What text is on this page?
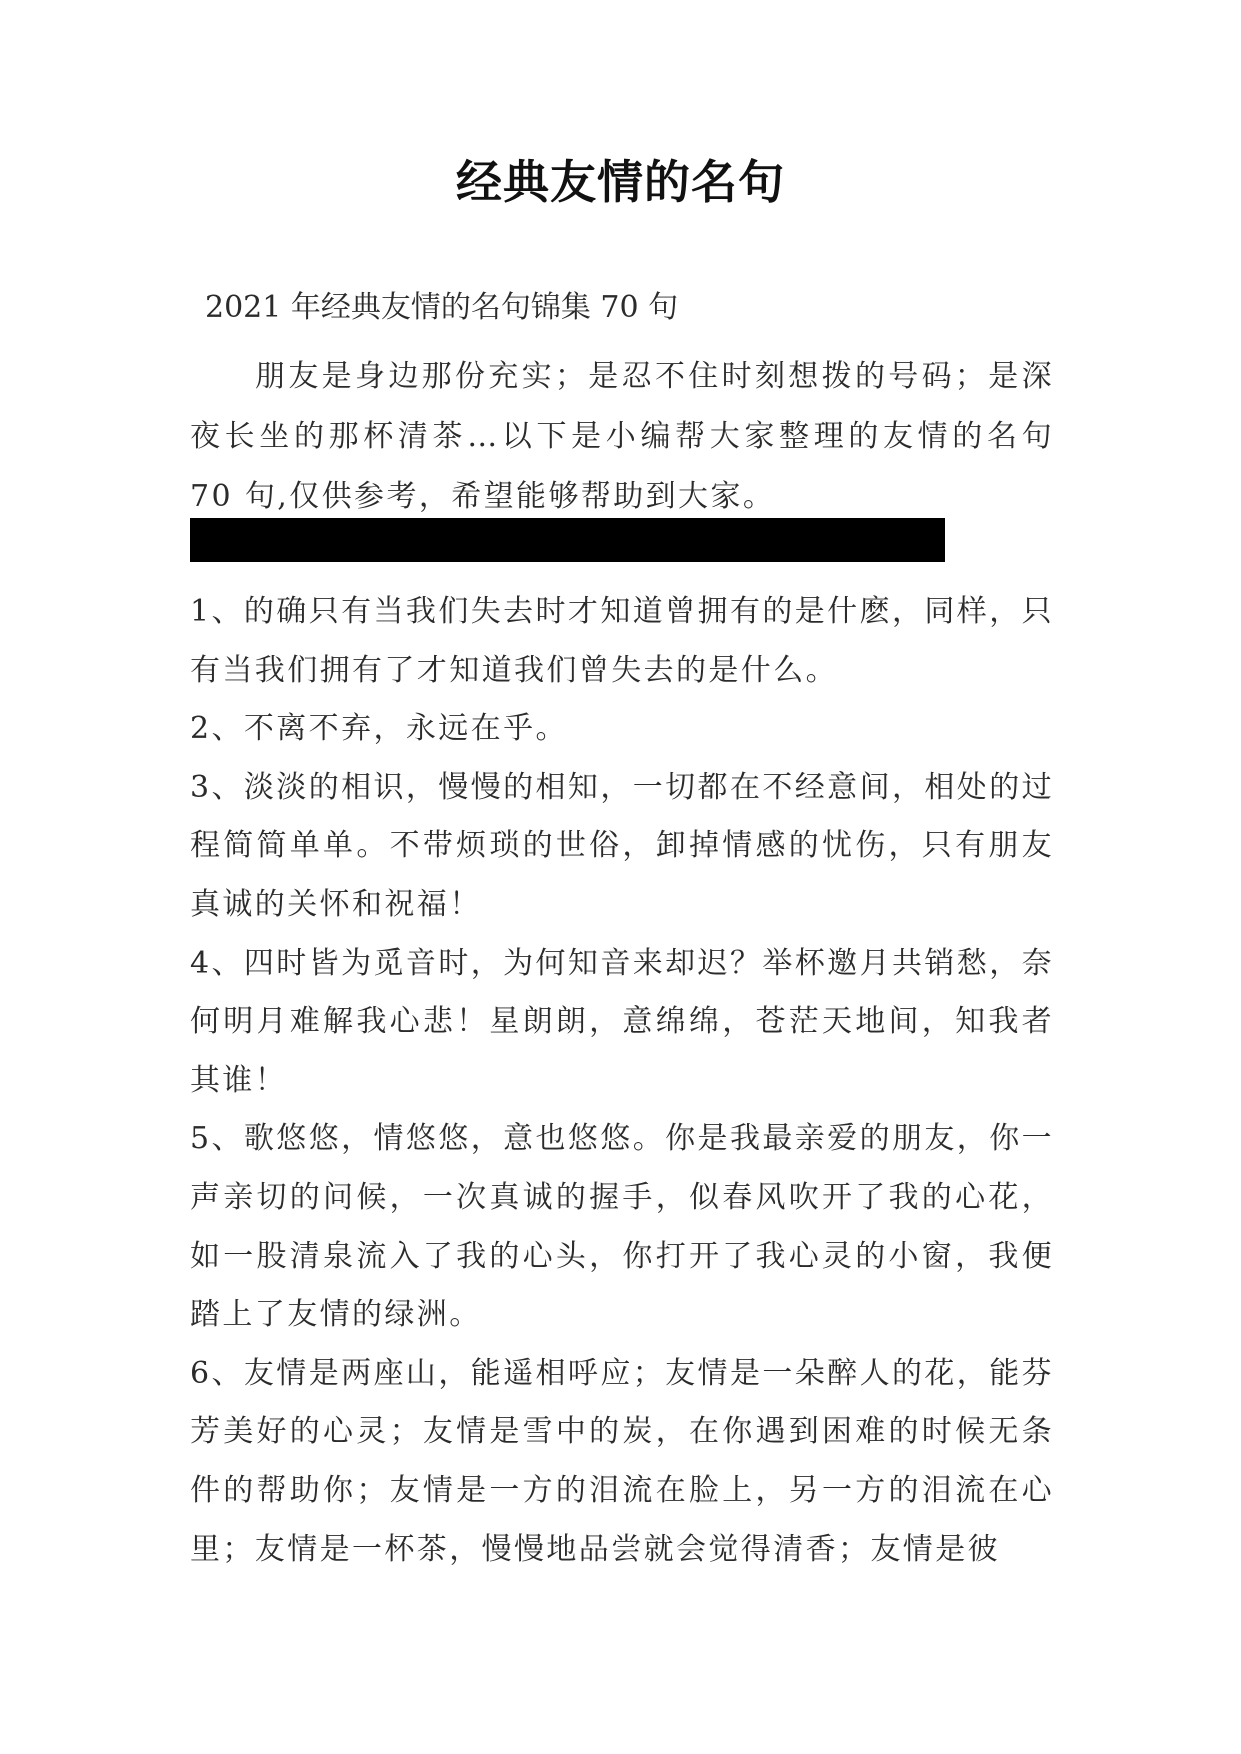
经典友情的名句
2021 年经典友情的名句锦集 70 句
朋友是身边那份充实；是忍不住时刻想拨的号码；是深夜长坐的那杯清茶…以下是小编帮大家整理的友情的名句 70 句,仅供参考，希望能够帮助到大家。

1、的确只有当我们失去时才知道曾拥有的是什麽，同样，只有当我们拥有了才知道我们曾失去的是什么。

2、不离不弃，永远在乎。

3、淡淡的相识，慢慢的相知，一切都在不经意间，相处的过程简简单单。不带烦琐的世俗，卸掉情感的忧伤，只有朋友真诚的关怀和祝福！

4、四时皆为觅音时，为何知音来却迟？举杯邀月共销愁，奈何明月难解我心悲！星朗朗，意绵绵，苍茫天地间，知我者其谁！

5、歌悠悠，情悠悠，意也悠悠。你是我最亲爱的朋友，你一声亲切的问候，一次真诚的握手，似春风吹开了我的心花，如一股清泉流入了我的心头，你打开了我心灵的小窗，我便踏上了友情的绿洲。

6、友情是两座山，能遥相呼应；友情是一朵醉人的花，能芬芳美好的心灵；友情是雪中的炭，在你遇到困难的时候无条件的帮助你；友情是一方的泪流在脸上，另一方的泪流在心里；友情是一杯茶，慢慢地品尝就会觉得清香；友情是彼
